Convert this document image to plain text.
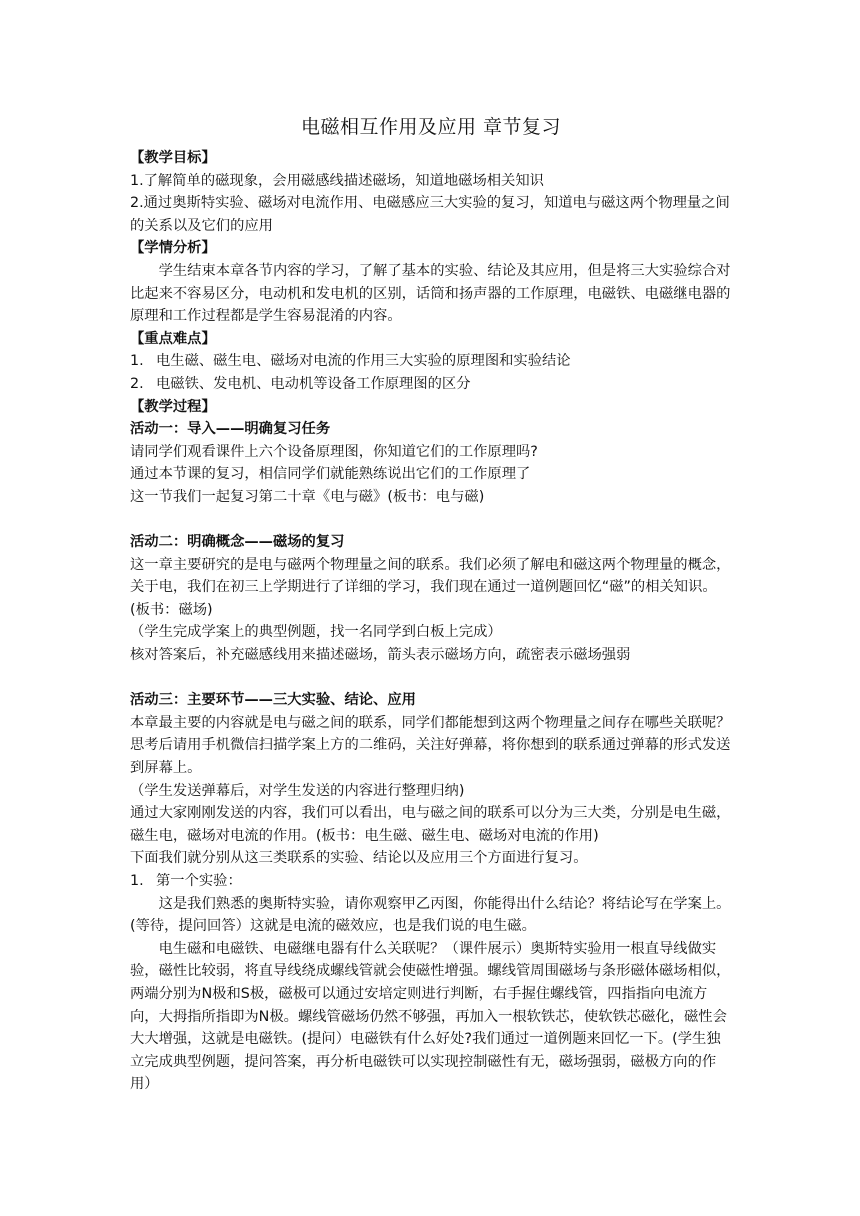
电磁相互作用及应用 章节复习

【教学目标】

1.了解简单的磁现象，会用磁感线描述磁场，知道地磁场相关知识

2.通过奥斯特实验、磁场对电流作用、电磁感应三大实验的复习，知道电与磁这两个物理量之间的关系以及它们的应用

【学情分析】

学生结束本章各节内容的学习，了解了基本的实验、结论及其应用，但是将三大实验综合对比起来不容易区分，电动机和发电机的区别，话筒和扬声器的工作原理，电磁铁、电磁继电器的原理和工作过程都是学生容易混淆的内容。

【重点难点】

1. 电生磁、磁生电、磁场对电流的作用三大实验的原理图和实验结论
2. 电磁铁、发电机、电动机等设备工作原理图的区分

【教学过程】

活动一：导入——明确复习任务

请同学们观看课件上六个设备原理图，你知道它们的工作原理吗?

通过本节课的复习，相信同学们就能熟练说出它们的工作原理了

这一节我们一起复习第二十章《电与磁》(板书：电与磁)

活动二：明确概念——磁场的复习

这一章主要研究的是电与磁两个物理量之间的联系。我们必须了解电和磁这两个物理量的概念，关于电，我们在初三上学期进行了详细的学习，我们现在通过一道例题回忆“磁”的相关知识。(板书：磁场)

（学生完成学案上的典型例题，找一名同学到白板上完成）

核对答案后，补充磁感线用来描述磁场，箭头表示磁场方向，疏密表示磁场强弱

活动三：主要环节——三大实验、结论、应用

本章最主要的内容就是电与磁之间的联系，同学们都能想到这两个物理量之间存在哪些关联呢？思考后请用手机微信扫描学案上方的二维码，关注好弹幕，将你想到的联系通过弹幕的形式发送到屏幕上。

（学生发送弹幕后，对学生发送的内容进行整理归纳)

通过大家刚刚发送的内容，我们可以看出，电与磁之间的联系可以分为三大类，分别是电生磁，磁生电，磁场对电流的作用。(板书：电生磁、磁生电、磁场对电流的作用)

下面我们就分别从这三类联系的实验、结论以及应用三个方面进行复习。

1. 第一个实验：

这是我们熟悉的奥斯特实验，请你观察甲乙丙图，你能得出什么结论？将结论写在学案上。(等待，提问回答）这就是电流的磁效应，也是我们说的电生磁。

电生磁和电磁铁、电磁继电器有什么关联呢？（课件展示）奥斯特实验用一根直导线做实验，磁性比较弱，将直导线绕成螺线管就会使磁性增强。螺线管周围磁场与条形磁体磁场相似，两端分别为N极和S极，磁极可以通过安培定则进行判断，右手握住螺线管，四指指向电流方向，大拇指所指即为N极。螺线管磁场仍然不够强，再加入一根软铁芯，使软铁芯磁化，磁性会大大增强，这就是电磁铁。(提问）电磁铁有什么好处?我们通过一道例题来回忆一下。(学生独立完成典型例题，提问答案，再分析电磁铁可以实现控制磁性有无，磁场强弱，磁极方向的作用）
